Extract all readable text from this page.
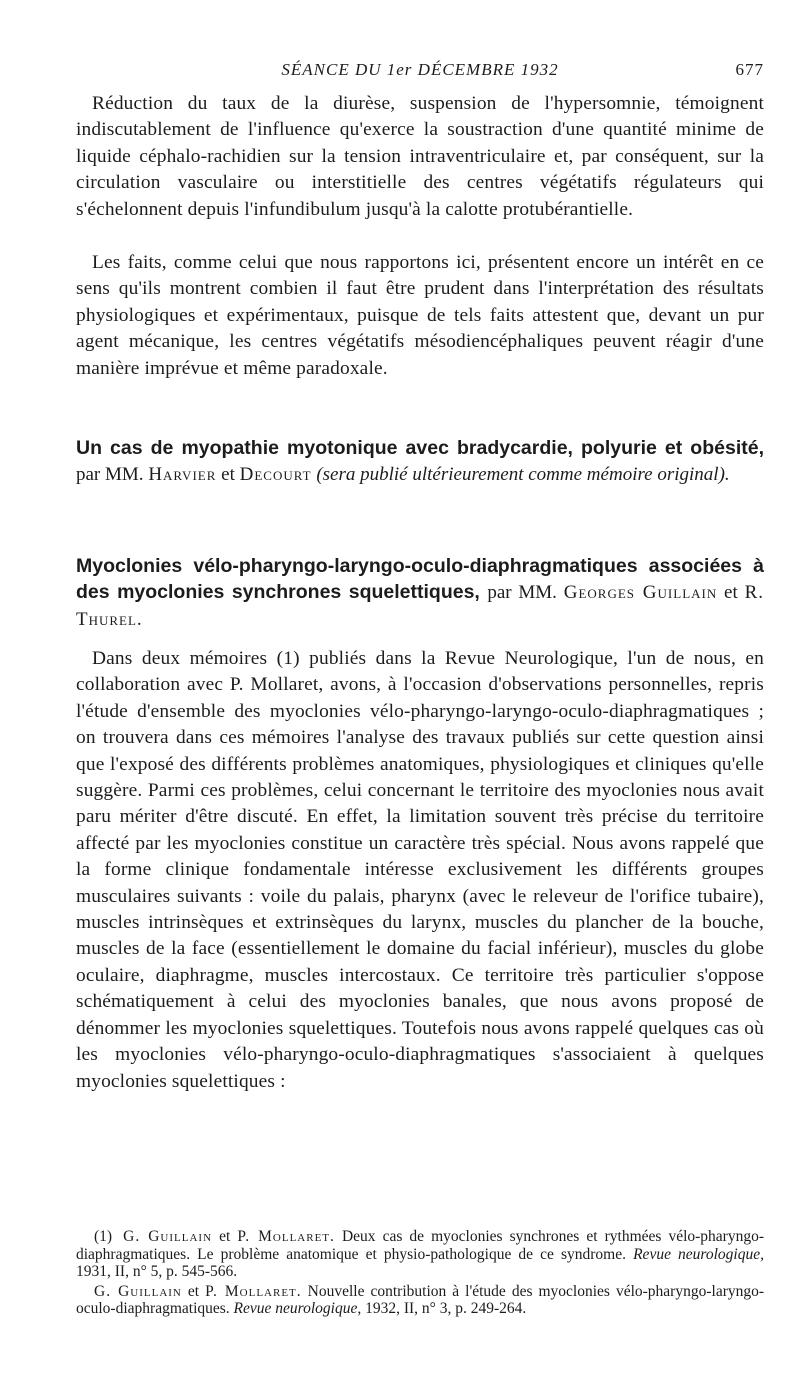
SÉANCE DU 1er DÉCEMBRE 1932	677

Réduction du taux de la diurèse, suspension de l'hypersomnie, témoignent indiscutablement de l'influence qu'exerce la soustraction d'une quantité minime de liquide céphalo-rachidien sur la tension intraventriculaire et, par conséquent, sur la circulation vasculaire ou interstitielle des centres végétatifs régulateurs qui s'échelonnent depuis l'infundibulum jusqu'à la calotte protubérantielle.

Les faits, comme celui que nous rapportons ici, présentent encore un intérêt en ce sens qu'ils montrent combien il faut être prudent dans l'interprétation des résultats physiologiques et expérimentaux, puisque de tels faits attestent que, devant un pur agent mécanique, les centres végétatifs mésodiencéphaliques peuvent réagir d'une manière imprévue et même paradoxale.

Un cas de myopathie myotonique avec bradycardie, polyurie et obésité, par MM. Harvier et Decourt (sera publié ultérieurement comme mémoire original).
Myoclonies vélo-pharyngo-laryngo-oculo-diaphragmatiques associées à des myoclonies synchrones squelettiques, par MM. Georges Guillain et R. Thurel.

Dans deux mémoires (1) publiés dans la Revue Neurologique, l'un de nous, en collaboration avec P. Mollaret, avons, à l'occasion d'observations personnelles, repris l'étude d'ensemble des myoclonies vélo-pharyngo-laryngo-oculo-diaphragmatiques ; on trouvera dans ces mémoires l'analyse des travaux publiés sur cette question ainsi que l'exposé des différents problèmes anatomiques, physiologiques et cliniques qu'elle suggère. Parmi ces problèmes, celui concernant le territoire des myoclonies nous avait paru mériter d'être discuté. En effet, la limitation souvent très précise du territoire affecté par les myoclonies constitue un caractère très spécial. Nous avons rappelé que la forme clinique fondamentale intéresse exclusivement les différents groupes musculaires suivants : voile du palais, pharynx (avec le releveur de l'orifice tubaire), muscles intrinsèques et extrinsèques du larynx, muscles du plancher de la bouche, muscles de la face (essentiellement le domaine du facial inférieur), muscles du globe oculaire, diaphragme, muscles intercostaux. Ce territoire très particulier s'oppose schématiquement à celui des myoclonies banales, que nous avons proposé de dénommer les myoclonies squelettiques. Toutefois nous avons rappelé quelques cas où les myoclonies vélo-pharyngo-oculo-diaphragmatiques s'associaient à quelques myoclonies squelettiques :

(1) G. Guillain et P. Mollaret. Deux cas de myoclonies synchrones et rythmées vélo-pharyngo-diaphragmatiques. Le problème anatomique et physio-pathologique de ce syndrome. Revue neurologique, 1931, II, n° 5, p. 545-566.

G. Guillain et P. Mollaret. Nouvelle contribution à l'étude des myoclonies vélo-pharyngo-laryngo-oculo-diaphragmatiques. Revue neurologique, 1932, II, n° 3, p. 249-264.
